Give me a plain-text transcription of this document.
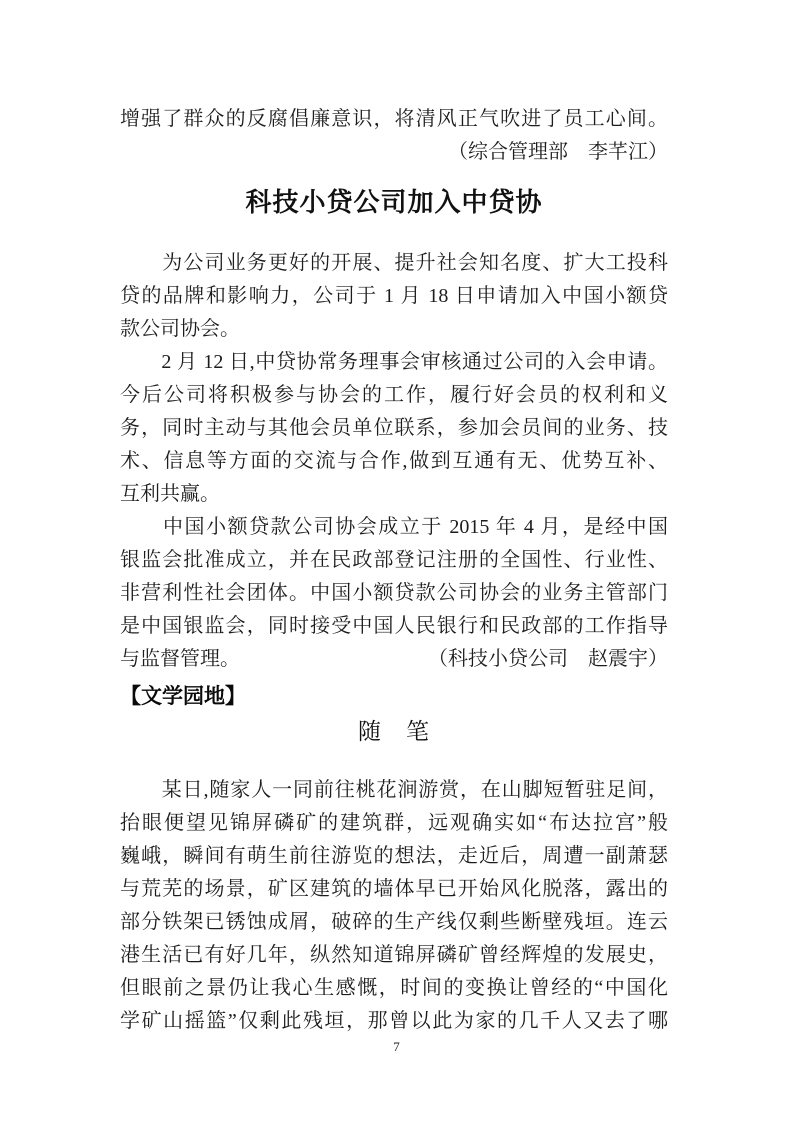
增强了群众的反腐倡廉意识，将清风正气吹进了员工心间。
（综合管理部　李芊江）
科技小贷公司加入中贷协
　　为公司业务更好的开展、提升社会知名度、扩大工投科
贷的品牌和影响力，公司于 1 月 18 日申请加入中国小额贷
款公司协会。
　　2 月 12 日,中贷协常务理事会审核通过公司的入会申请。
今后公司将积极参与协会的工作，履行好会员的权利和义
务，同时主动与其他会员单位联系，参加会员间的业务、技
术、信息等方面的交流与合作,做到互通有无、优势互补、
互利共赢。
　　中国小额贷款公司协会成立于 2015 年 4 月，是经中国
银监会批准成立，并在民政部登记注册的全国性、行业性、
非营利性社会团体。中国小额贷款公司协会的业务主管部门
是中国银监会，同时接受中国人民银行和民政部的工作指导
与监督管理。	（科技小贷公司　赵震宇）
【文学园地】
随　笔
　　某日,随家人一同前往桃花涧游赏，在山脚短暂驻足间，
抬眼便望见锦屏磷矿的建筑群，远观确实如“布达拉宫”般
巍峨，瞬间有萌生前往游览的想法，走近后，周遭一副萧瑟
与荒芜的场景，矿区建筑的墙体早已开始风化脱落，露出的
部分铁架已锈蚀成屑，破碎的生产线仅剩些断壁残垣。连云
港生活已有好几年，纵然知道锦屏磷矿曾经辉煌的发展史，
但眼前之景仍让我心生感慨，时间的变换让曾经的“中国化
学矿山摇篮”仅剩此残垣，那曾以此为家的几千人又去了哪
7
